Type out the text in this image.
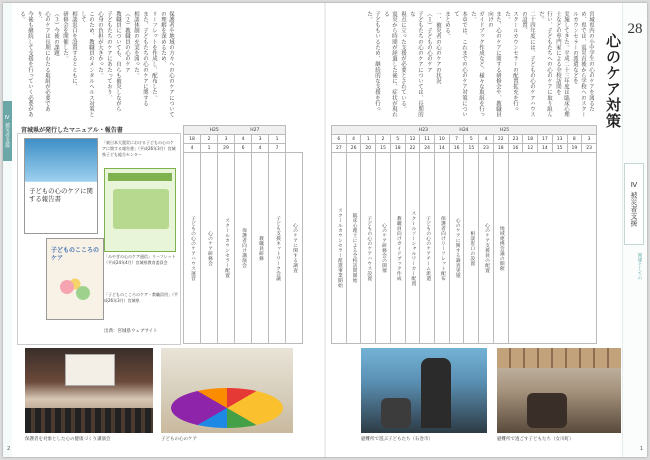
Ⅳ 被災者支援
保護者や地域の方々への心のケアについての理解を深めるため、
リーフレットを作成し、配布した。
また、子どもたちの心のケアに関する
相談体制の充実を図った。
（２）教職員の心のケア
教職員についても、自らも被災しながら
子どもたちのケアにあたっており、
心身の負担が大きかった。
このため、教職員のメンタルヘルス対策として
相談窓口を設置するとともに、
研修会を開催した。
（３）今後の課題
心のケアは長期にわたる取組が必要であり、
今後も継続して支援を行っていく必要がある。
H25　　　　　　　H27						
18	2	3	4	3	1	
4	1	29	6	4	7	

子どもの心のケアハウス運営	心のケア研修会	スクールカウンセラー配置	保護者向け講演会	教職員研修	子ども支援ネットワーク会議	心のケアに関する調査
宮城県が発行したマニュアル・報告書
子どもの心のケアに関する報告書
「東日本大震災における子どもの心のケアに関する報告書」（平成26年3月）宮城県子ども総合センター
「みやぎの心のケア通信」リーフレット（平成24年4月）宮城県教育委員会
子どものこころのケア
「子どものこころのケア・教職員用」（平成26年3月）宮城県
出典：宮城県ウェブサイト
保護者を対象とした心の健康づくり講演会	子どもの心のケア
2
28
心のケア対策
Ⅳ 被災者支援
関連としての
宮城県内の小中学生の心のケアを図るため、県では、震災直後から学校へのスクールカウンセラーの派遣などを
実施してきた。平成二十三年度は臨床心理士などの専門家による全校訪問を
行い、子どもたちへの心のケアに取り組んだ。
二十四年度には、子どもの心のケアハウスの設置、
スクールカウンセラーの配置拡充を行った。
また、心のケアに関する研修会や、教職員向けの
ガイドブック作成など、様々な取組を行った。
本章では、これまでの心のケア対策について
まとめる。
一、被災者の心のケアの状況
（１）子どもの心のケア
子どもたちの心のケアについては、長期的な
視点に立った支援が必要とされている。
震災から時間が経過した後に、症状が現れる
子どももいるため、継続的な支援を行った。
H23　　　　　　　H24　　　　　　　H25																	
6	4	1	2	5	12	11	10	7	5	4	22	23	18	17	13	8	3
27	26	20	15	18	22	24	14	16	15	23	18	16	12	14	15	19	23

スクールカウンセラー派遣事業開始	臨床心理士による全校訪問開始	子どもの心のケアハウス設置	心のケア研修会の開催	教職員向けガイドブック作成	スクールソーシャルワーカー配置	子どもの心のケアチーム派遣	保護者向けリーフレット配布	心のケアに関する調査実施	相談窓口の設置	心のケア支援員の配置	地域連携会議の開催						

避難所で遊ぶ子どもたち（石巻市）	避難所で過ごす子どもたち（女川町）
1
